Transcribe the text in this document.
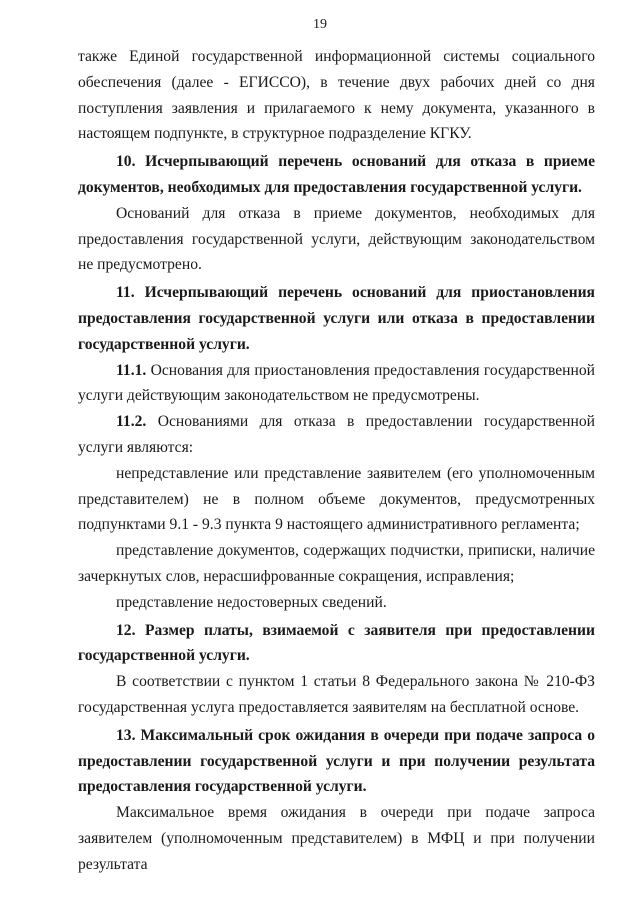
19

также Единой государственной информационной системы социального обеспечения (далее - ЕГИССО), в течение двух рабочих дней со дня поступления заявления и прилагаемого к нему документа, указанного в настоящем подпункте, в структурное подразделение КГКУ.

10. Исчерпывающий перечень оснований для отказа в приеме документов, необходимых для предоставления государственной услуги.

Оснований для отказа в приеме документов, необходимых для предоставления государственной услуги, действующим законодательством не предусмотрено.

11. Исчерпывающий перечень оснований для приостановления предоставления государственной услуги или отказа в предоставлении государственной услуги.

11.1. Основания для приостановления предоставления государственной услуги действующим законодательством не предусмотрены.

11.2. Основаниями для отказа в предоставлении государственной услуги являются:

непредставление или представление заявителем (его уполномоченным представителем) не в полном объеме документов, предусмотренных подпунктами 9.1 - 9.3 пункта 9 настоящего административного регламента;

представление документов, содержащих подчистки, приписки, наличие зачеркнутых слов, нерасшифрованные сокращения, исправления;

представление недостоверных сведений.

12. Размер платы, взимаемой с заявителя при предоставлении государственной услуги.

В соответствии с пунктом 1 статьи 8 Федерального закона № 210-ФЗ государственная услуга предоставляется заявителям на бесплатной основе.

13. Максимальный срок ожидания в очереди при подаче запроса о предоставлении государственной услуги и при получении результата предоставления государственной услуги.

Максимальное время ожидания в очереди при подаче запроса заявителем (уполномоченным представителем) в МФЦ и при получении результата
